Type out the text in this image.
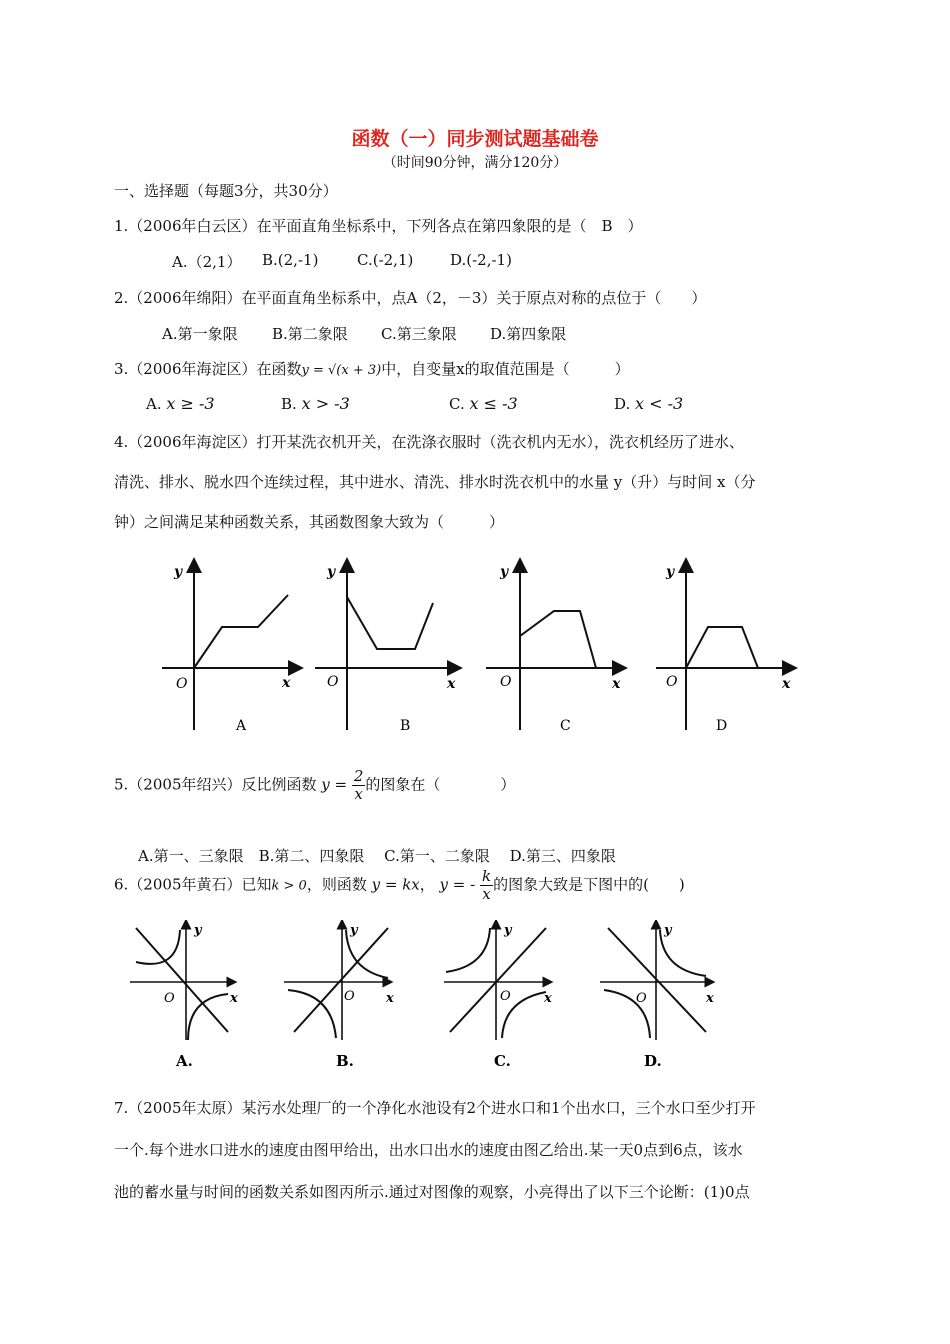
函数（一）同步测试题基础卷
（时间90分钟，满分120分）
一、选择题（每题3分，共30分）
1.（2006年白云区）在平面直角坐标系中，下列各点在第四象限的是（　B　）
A.（2,1） B.(2,-1)	C.(-2,1) D.(-2,-1)
2.（2006年绵阳）在平面直角坐标系中，点A（2，－3）关于原点对称的点位于（　　）
A.第一象限 B.第二象限 C.第三象限 D.第四象限
3.（2006年海淀区）在函数y = √(x + 3)中，自变量x的取值范围是（　　　）
A. x ≥ -3	B. x > -3	C. x ≤ -3	D. x < -3
4.（2006年海淀区）打开某洗衣机开关，在洗涤衣服时（洗衣机内无水），洗衣机经历了进水、
清洗、排水、脱水四个连续过程，其中进水、清洗、排水时洗衣机中的水量 y（升）与时间 x（分
钟）之间满足某种函数关系，其函数图象大致为（　　　）
y
x
O
A
y
x
O
B
y
x
O
C
y
x
O
D
5.（2005年绍兴）反比例函数 $y = \frac{2}{x}$ 的图象在（　　　　）
A.第一、三象限　B.第二、四象限　 C.第一、二象限　 D.第三、四象限
6.（2005年黄石）已知k > 0，则函数 y = kx， y = - $\frac{k}{x}$ 的图象大致是下图中的(　　)
y
x
O
A.
y
x
O
B.
y
x
O
C.
y
x
O
D.
7.（2005年太原）某污水处理厂的一个净化水池设有2个进水口和1个出水口，三个水口至少打开
一个.每个进水口进水的速度由图甲给出，出水口出水的速度由图乙给出.某一天0点到6点，该水
池的蓄水量与时间的函数关系如图丙所示.通过对图像的观察，小亮得出了以下三个论断：(1)0点
